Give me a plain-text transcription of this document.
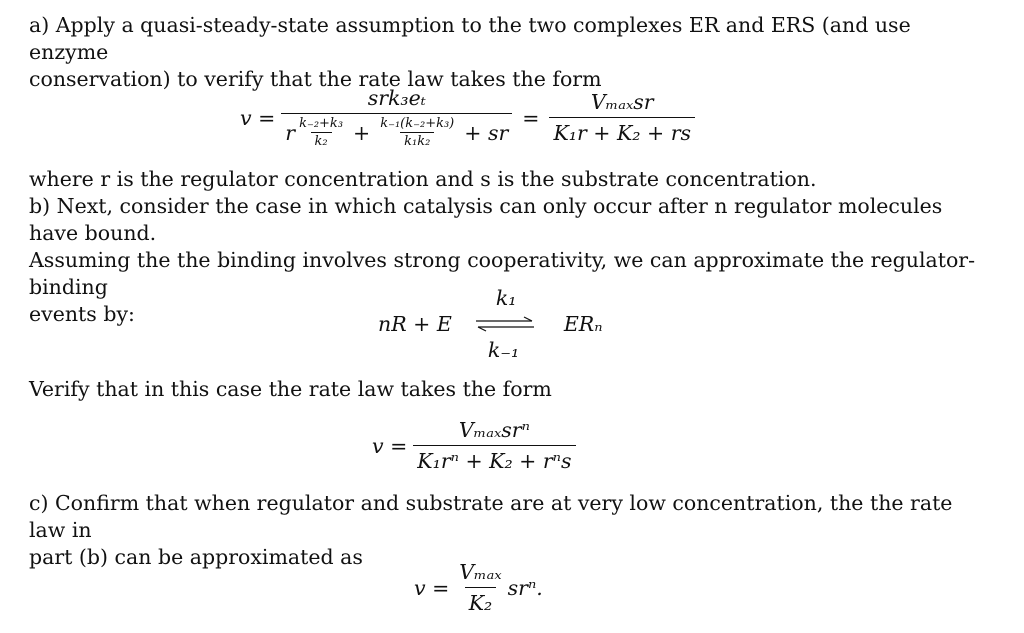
a) Apply a quasi-steady-state assumption to the two complexes ER and ERS (and use enzyme
conservation) to verify that the rate law takes the form
v =
srk₃eₜ
r $\frac{\text{k₋₂+k₃}}{\text{k₂}} + \frac{\text{k₋₁(k₋₂+k₃)}}{\text{k₁k₂}}$ + sr
= $\frac{\text{Vₘₐₓsr}}{\text{K₁r + K₂ + rs}}$
where r is the regulator concentration and s is the substrate concentration.
b) Next, consider the case in which catalysis can only occur after n regulator molecules have bound.
Assuming the the binding involves strong cooperativity, we can approximate the regulator-binding
events by:	nR + E
k₁
k₋₁
ERₙ
Verify that in this case the rate law takes the form
$v = \frac{\text{Vₘₐₓsrⁿ}}{\text{K₁rⁿ + K₂ + rⁿs}}$
c) Confirm that when regulator and substrate are at very low concentration, the the rate law in
part (b) can be approximated as
$v = \frac{\text{Vₘₐₓ}}{\text{K₂}} sr^n$.
